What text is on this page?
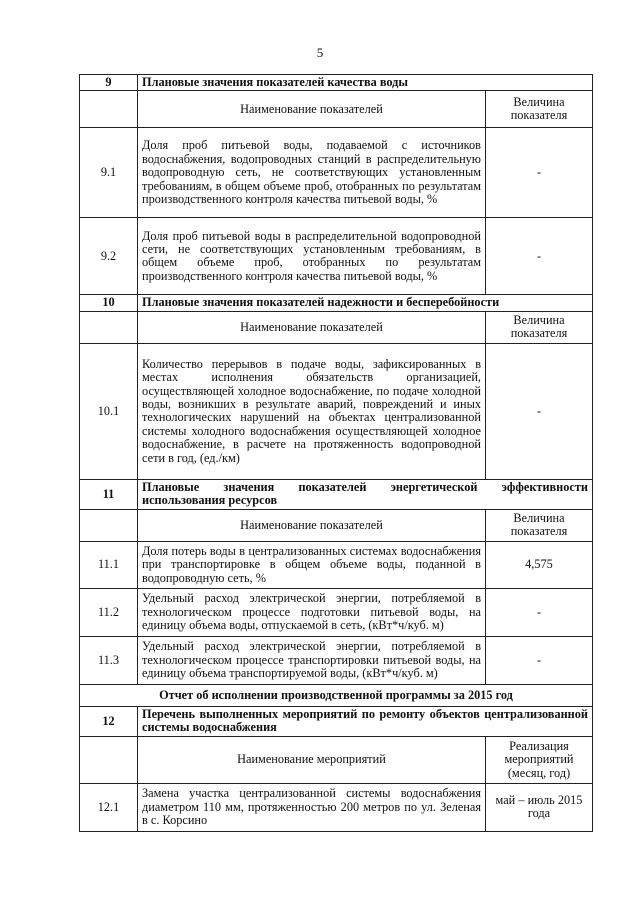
5
9	Плановые значения показателей качества воды	
	Наименование показателей	Величина показателя
9.1	Доля проб питьевой воды, подаваемой с источников водоснабжения, водопроводных станций в распределительную водопроводную сеть, не соответствующих установленным требованиям, в общем объеме проб, отобранных по результатам производственного контроля качества питьевой воды, %	-
9.2	Доля проб питьевой воды в распределительной водопроводной сети, не соответствующих установленным требованиям, в общем объеме проб, отобранных по результатам производственного контроля качества питьевой воды, %	-
10	Плановые значения показателей надежности и бесперебойности	
	Наименование показателей	Величина показателя
10.1	Количество перерывов в подаче воды, зафиксированных в местах исполнения обязательств организацией, осуществляющей холодное водоснабжение, по подаче холодной воды, возникших в результате аварий, повреждений и иных технологических нарушений на объектах централизованной системы холодного водоснабжения осуществляющей холодное водоснабжение, в расчете на протяженность водопроводной сети в год, (ед./км)	-
11	Плановые значения показателей энергетической эффективности использования ресурсов	
	Наименование показателей	Величина показателя
11.1	Доля потерь воды в централизованных системах водоснабжения при транспортировке в общем объеме воды, поданной в водопроводную сеть, %	4,575
11.2	Удельный расход электрической энергии, потребляемой в технологическом процессе подготовки питьевой воды, на единицу объема воды, отпускаемой в сеть, (кВт*ч/куб. м)	-
11.3	Удельный расход электрической энергии, потребляемой в технологическом процессе транспортировки питьевой воды, на единицу объема транспортируемой воды, (кВт*ч/куб. м)	-
Отчет об исполнении производственной программы за 2015 год		
12	Перечень выполненных мероприятий по ремонту объектов централизованной системы водоснабжения	
	Наименование мероприятий	Реализация мероприятий (месяц, год)
12.1	Замена участка централизованной системы водоснабжения диаметром 110 мм, протяженностью 200 метров по ул. Зеленая в с. Корсино	май – июль 2015 года
